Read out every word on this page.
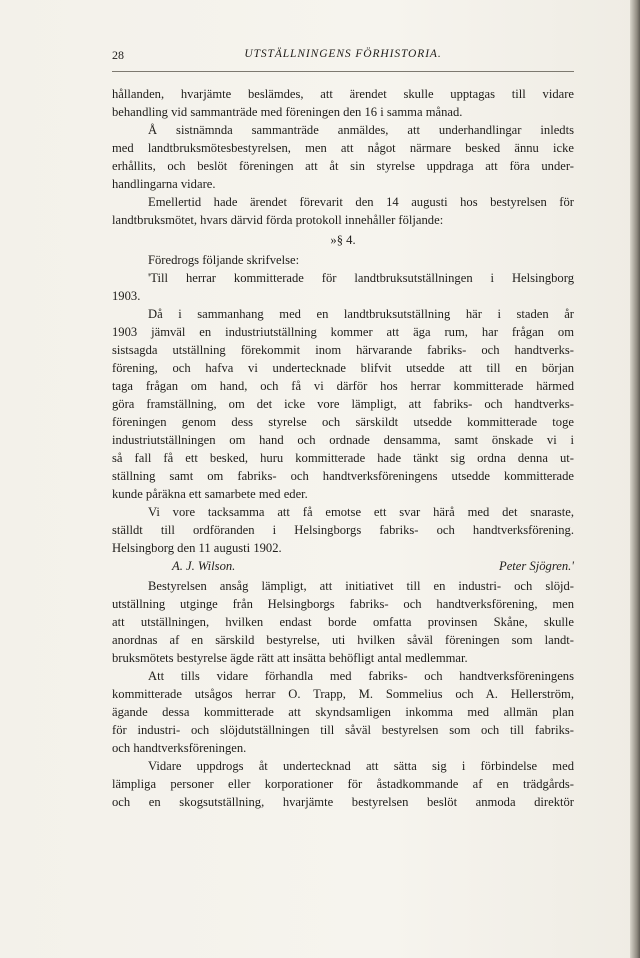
28	UTSTÄLLNINGENS FÖRHISTORIA.
hållanden, hvarjämte beslämdes, att ärendet skulle upptagas till vidare
behandling vid sammanträde med föreningen den 16 i samma månad.
Å sistnämnda sammanträde anmäldes, att underhandlingar inledts
med landtbruksmötesbestyrelsen, men att något närmare besked ännu icke
erhållits, och beslöt föreningen att åt sin styrelse uppdraga att föra under-
handlingarna vidare.
Emellertid hade ärendet förevarit den 14 augusti hos bestyrelsen för
landtbruksmötet, hvars därvid förda protokoll innehåller följande:
»§ 4.
Föredrogs följande skrifvelse:
'Till herrar kommitterade för landtbruksutställningen i Helsingborg
1903.
Då i sammanhang med en landtbruksutställning här i staden år
1903 jämväl en industriutställning kommer att äga rum, har frågan om
sistsagda utställning förekommit inom härvarande fabriks- och handtverks-
förening, och hafva vi undertecknade blifvit utsedde att till en början
taga frågan om hand, och få vi därför hos herrar kommitterade härmed
göra framställning, om det icke vore lämpligt, att fabriks- och handtverks-
föreningen genom dess styrelse och särskildt utsedde kommitterade toge
industriutställningen om hand och ordnade densamma, samt önskade vi i
så fall få ett besked, huru kommitterade hade tänkt sig ordna denna ut-
ställning samt om fabriks- och handtverksföreningens utsedde kommitterade
kunde påräkna ett samarbete med eder.
Vi vore tacksamma att få emotse ett svar härå med det snaraste,
ställdt till ordföranden i Helsingborgs fabriks- och handtverksförening.
Helsingborg den 11 augusti 1902.
A. J. Wilson.	Peter Sjögren.'
Bestyrelsen ansåg lämpligt, att initiativet till en industri- och slöjd-
utställning utginge från Helsingborgs fabriks- och handtverksförening, men
att utställningen, hvilken endast borde omfatta provinsen Skåne, skulle
anordnas af en särskild bestyrelse, uti hvilken såväl föreningen som landt-
bruksmötets bestyrelse ägde rätt att insätta behöfligt antal medlemmar.
Att tills vidare förhandla med fabriks- och handtverksföreningens
kommitterade utsågos herrar O. Trapp, M. Sommelius och A. Hellerström,
ägande dessa kommitterade att skyndsamligen inkomma med allmän plan
för industri- och slöjdutställningen till såväl bestyrelsen som och till fabriks-
och handtverksföreningen.
Vidare uppdrogs åt undertecknad att sätta sig i förbindelse med
lämpliga personer eller korporationer för åstadkommande af en trädgårds-
och en skogsutställning, hvarjämte bestyrelsen beslöt anmoda direktör
